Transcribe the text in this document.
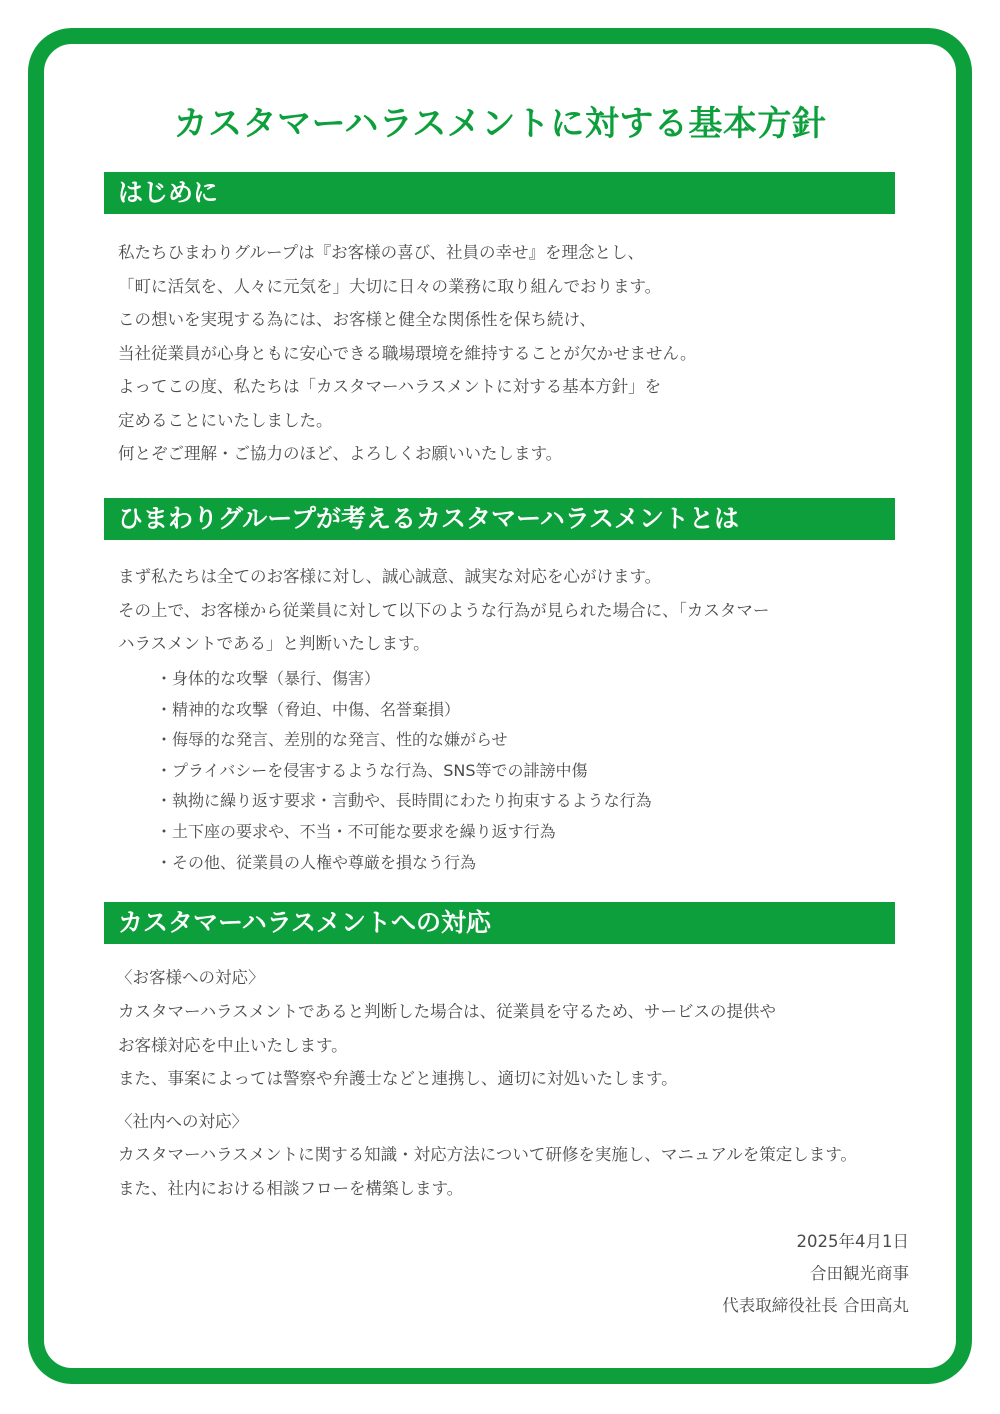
カスタマーハラスメントに対する基本方針
はじめに
私たちひまわりグループは『お客様の喜び、社員の幸せ』を理念とし、
「町に活気を、人々に元気を」大切に日々の業務に取り組んでおります。
この想いを実現する為には、お客様と健全な関係性を保ち続け、
当社従業員が心身ともに安心できる職場環境を維持することが欠かせません。
よってこの度、私たちは「カスタマーハラスメントに対する基本方針」を
定めることにいたしました。
何とぞご理解・ご協力のほど、よろしくお願いいたします。
ひまわりグループが考えるカスタマーハラスメントとは
まず私たちは全てのお客様に対し、誠心誠意、誠実な対応を心がけます。
その上で、お客様から従業員に対して以下のような行為が見られた場合に、「カスタマー
ハラスメントである」と判断いたします。
・身体的な攻撃（暴行、傷害）
・精神的な攻撃（脅迫、中傷、名誉棄損）
・侮辱的な発言、差別的な発言、性的な嫌がらせ
・プライバシーを侵害するような行為、SNS等での誹謗中傷
・執拗に繰り返す要求・言動や、長時間にわたり拘束するような行為
・土下座の要求や、不当・不可能な要求を繰り返す行為
・その他、従業員の人権や尊厳を損なう行為
カスタマーハラスメントへの対応
〈お客様への対応〉
カスタマーハラスメントであると判断した場合は、従業員を守るため、サービスの提供や
お客様対応を中止いたします。
また、事案によっては警察や弁護士などと連携し、適切に対処いたします。
〈社内への対応〉
カスタマーハラスメントに関する知識・対応方法について研修を実施し、マニュアルを策定します。
また、社内における相談フローを構築します。
2025年4月1日
合田観光商事
代表取締役社長 合田高丸
